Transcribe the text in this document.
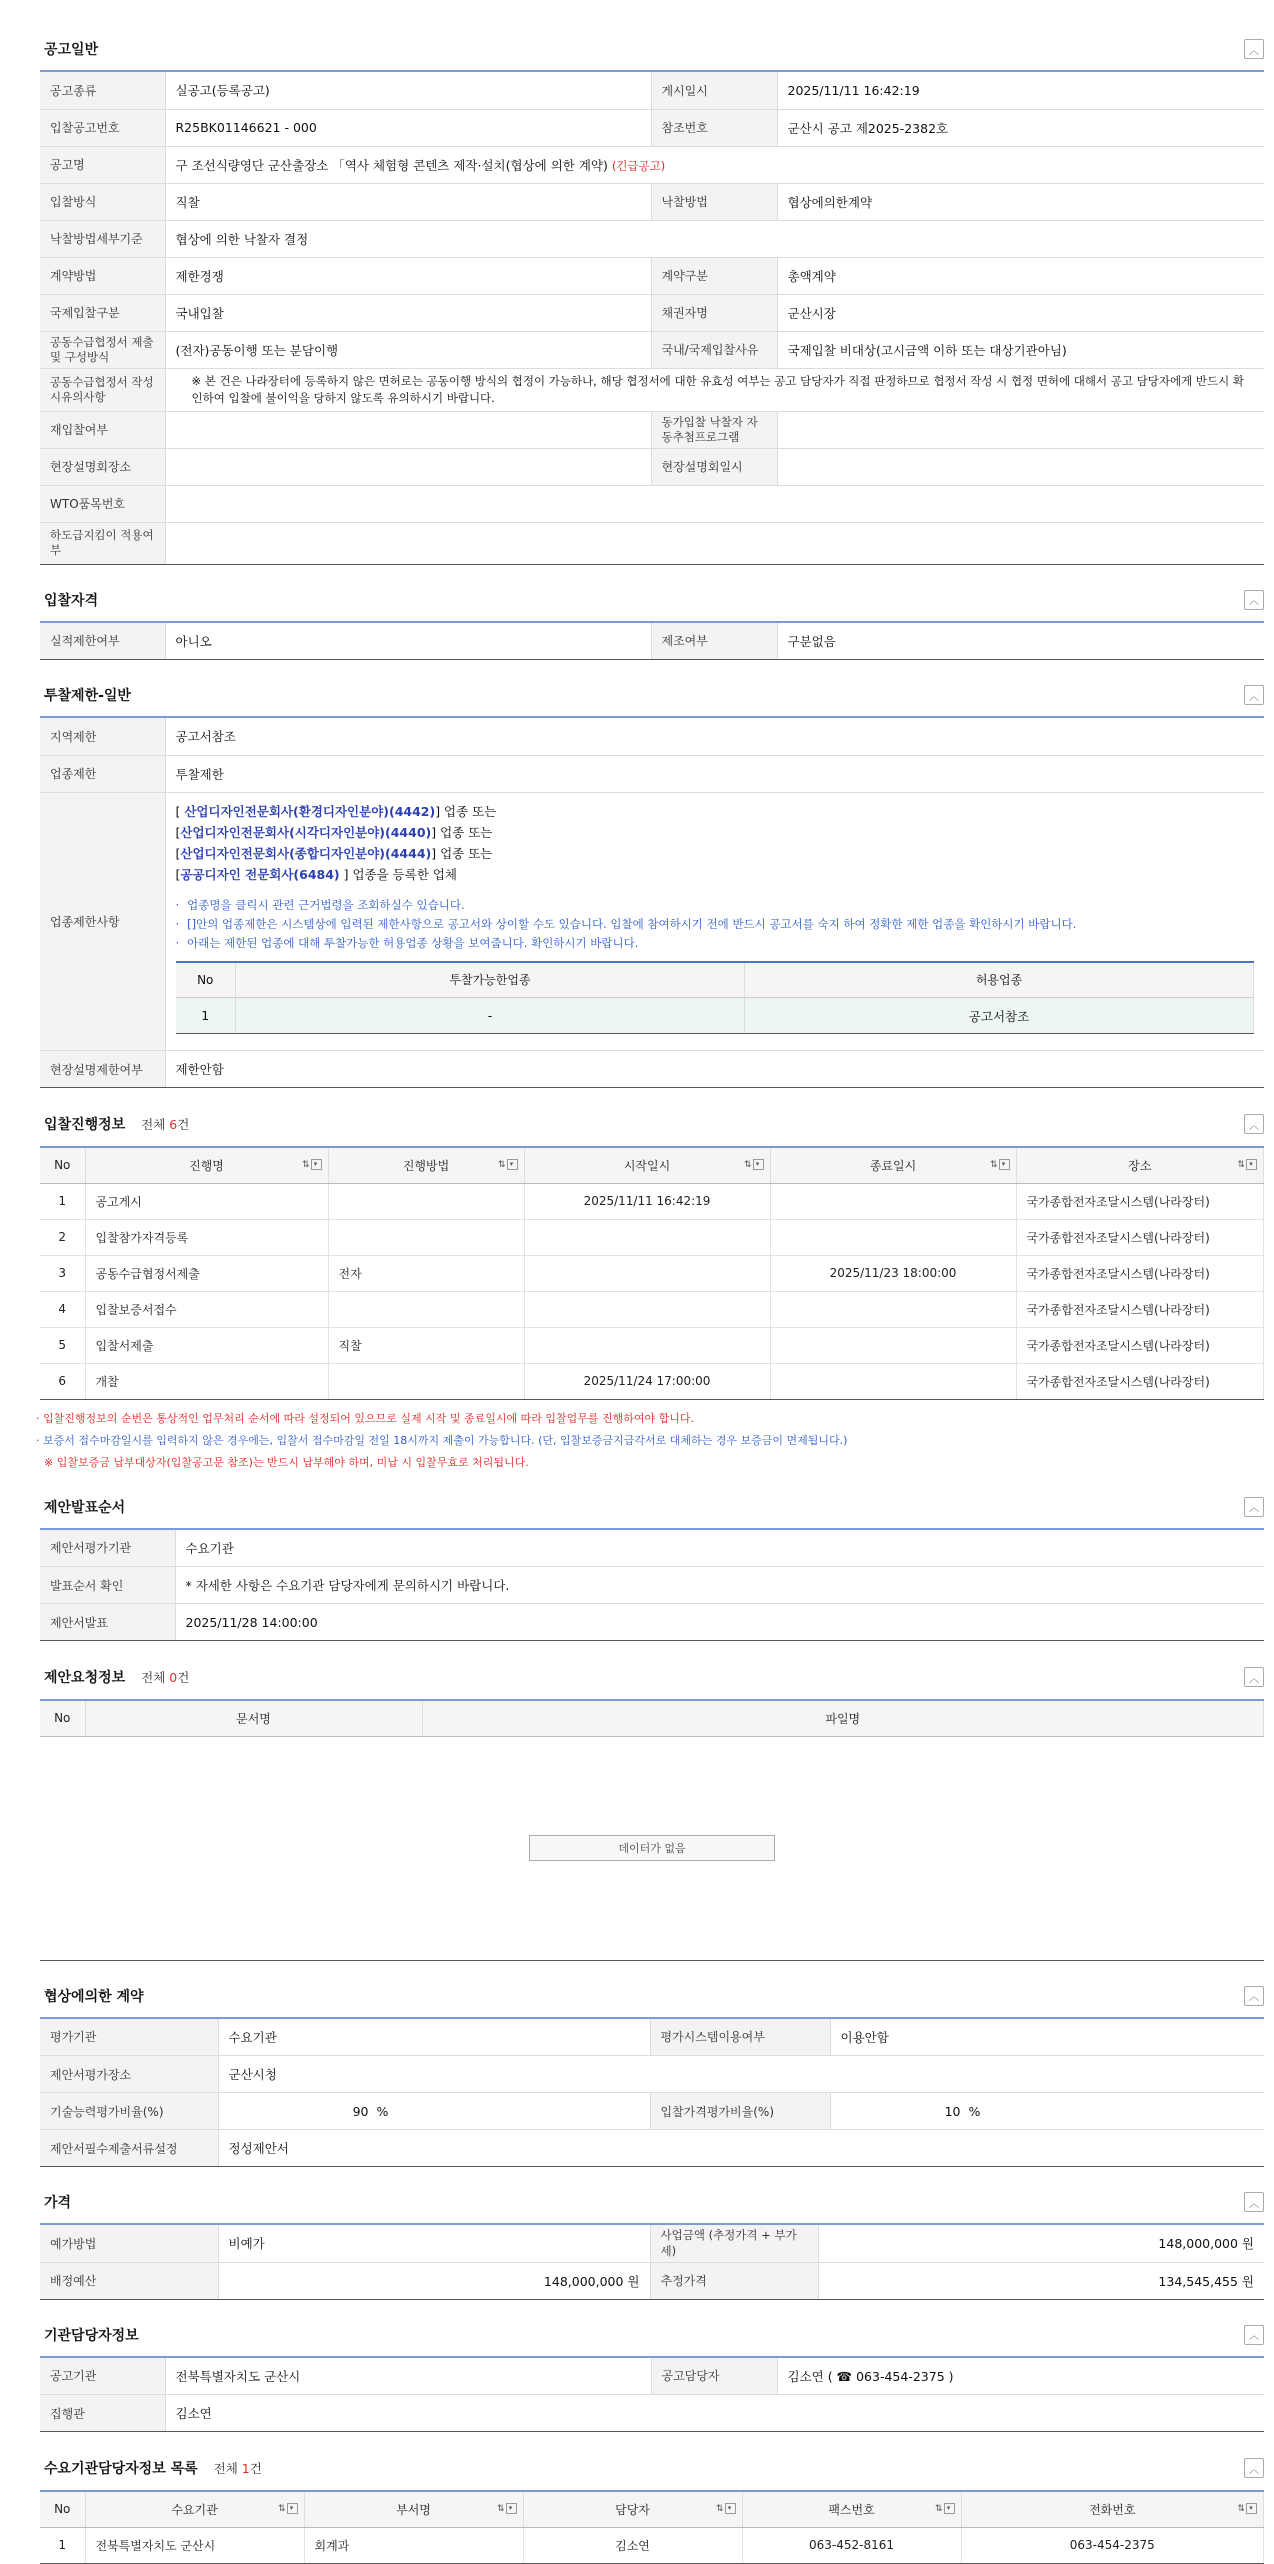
공고일반	︿
공고종류	실공고(등록공고)	게시일시	2025/11/11 16:42:19
입찰공고번호	R25BK01146621 - 000	참조번호	군산시 공고 제2025-2382호
공고명	구 조선식량영단 군산출장소 「역사 체험형 콘텐츠 제작·설치(협상에 의한 계약) (긴급공고)		
입찰방식	직찰	낙찰방법	협상에의한계약
낙찰방법세부기준	협상에 의한 낙찰자 결정		
계약방법	제한경쟁	계약구분	총액계약
국제입찰구분	국내입찰	채권자명	군산시장
공동수급협정서 제출 및 구성방식	(전자)공동이행 또는 분담이행	국내/국제입찰사유	국제입찰 비대상(고시금액 이하 또는 대상기관아님)
공동수급협정서 작성시유의사항	※ 본 건은 나라장터에 등록하지 않은 면허로는 공동이행 방식의 협정이 가능하나, 해당 협정서에 대한 유효성 여부는 공고 담당자가 직접 판정하므로 협정서 작성 시 협정 면허에 대해서 공고 담당자에게 반드시 확인하여 입찰에 불이익을 당하지 않도록 유의하시기 바랍니다.		
재입찰여부		동가입찰 낙찰자 자동추첨프로그램	
현장설명회장소		현장설명회일시	
WTO품목번호			
하도급지킴이 적용여부			
입찰자격	︿
실적제한여부	아니오	제조여부	구분없음
투찰제한-일반	︿
지역제한	공고서참조
업종제한	투찰제한
업종제한사항	
[ 산업디자인전문회사(환경디자인분야)(4442)] 업종 또는
[산업디자인전문회사(시각디자인분야)(4440)] 업종 또는
[산업디자인전문회사(종합디자인분야)(4444)] 업종 또는
[공공디자인 전문회사(6484) ] 업종을 등록한 업체
· 업종명을 클릭시 관련 근거법령을 조회하실수 있습니다.
· []안의 업종제한은 시스템상에 입력된 제한사항으로 공고서와 상이할 수도 있습니다. 입찰에 참여하시기 전에 반드시 공고서를 숙지 하여 정확한 제한 업종을 확인하시기 바랍니다.
· 아래는 제한된 업종에 대해 투찰가능한 허용업종 상황을 보여줍니다. 확인하시기 바랍니다.
No	투찰가능한업종	허용업종
1	-	공고서참조

현장설명제한여부	제한안함
입찰진행정보 전체 6건	︿
No	진행명 ⇅ ▾	진행방법 ⇅ ▾	시작일시 ⇅ ▾	종료일시 ⇅ ▾	장소 ⇅ ▾

1	공고게시		2025/11/11 16:42:19		국가종합전자조달시스템(나라장터)
2	입찰참가자격등록				국가종합전자조달시스템(나라장터)
3	공동수급협정서제출	전자		2025/11/23 18:00:00	국가종합전자조달시스템(나라장터)
4	입찰보증서접수				국가종합전자조달시스템(나라장터)
5	입찰서제출	직찰			국가종합전자조달시스템(나라장터)
6	개찰		2025/11/24 17:00:00		국가종합전자조달시스템(나라장터)
· 입찰진행정보의 순번은 통상적인 업무처리 순서에 따라 설정되어 있으므로 실제 시작 및 종료일시에 따라 입찰업무를 진행하여야 합니다.
· 보증서 접수마감일시를 입력하지 않은 경우에는, 입찰서 접수마감일 전일 18시까지 제출이 가능합니다. (단, 입찰보증금지급각서로 대체하는 경우 보증금이 면제됩니다.)
※ 입찰보증금 납부대상자(입찰공고문 참조)는 반드시 납부해야 하며, 미납 시 입찰무효로 처리됩니다.
제안발표순서	︿
제안서평가기관	수요기관
발표순서 확인	* 자세한 사항은 수요기관 담당자에게 문의하시기 바랍니다.
제안서발표	2025/11/28 14:00:00
제안요청정보 전체 0건	︿
No	문서명	파일명
데이터가 없음
협상에의한 계약	︿
평가기관	수요기관	평가시스템이용여부	이용안함
제안서평가장소	군산시청		
기술능력평가비율(%)	90 %	입찰가격평가비율(%)	10 %
제안서필수제출서류설정	정성제안서		
가격	︿
예가방법	비예가	사업금액 (추정가격 + 부가세)	148,000,000 원
배정예산	148,000,000 원	추정가격	134,545,455 원
기관담당자정보	︿
공고기관	전북특별자치도 군산시	공고담당자	김소연 ( ☎ 063-454-2375 )
집행관	김소연		
수요기관담당자정보 목록 전체 1건	︿
No	수요기관 ⇅ ▾	부서명 ⇅ ▾	담당자 ⇅ ▾	팩스번호 ⇅ ▾	전화번호 ⇅ ▾

1	전북특별자치도 군산시	회계과	김소연	063-452-8161	063-454-2375
